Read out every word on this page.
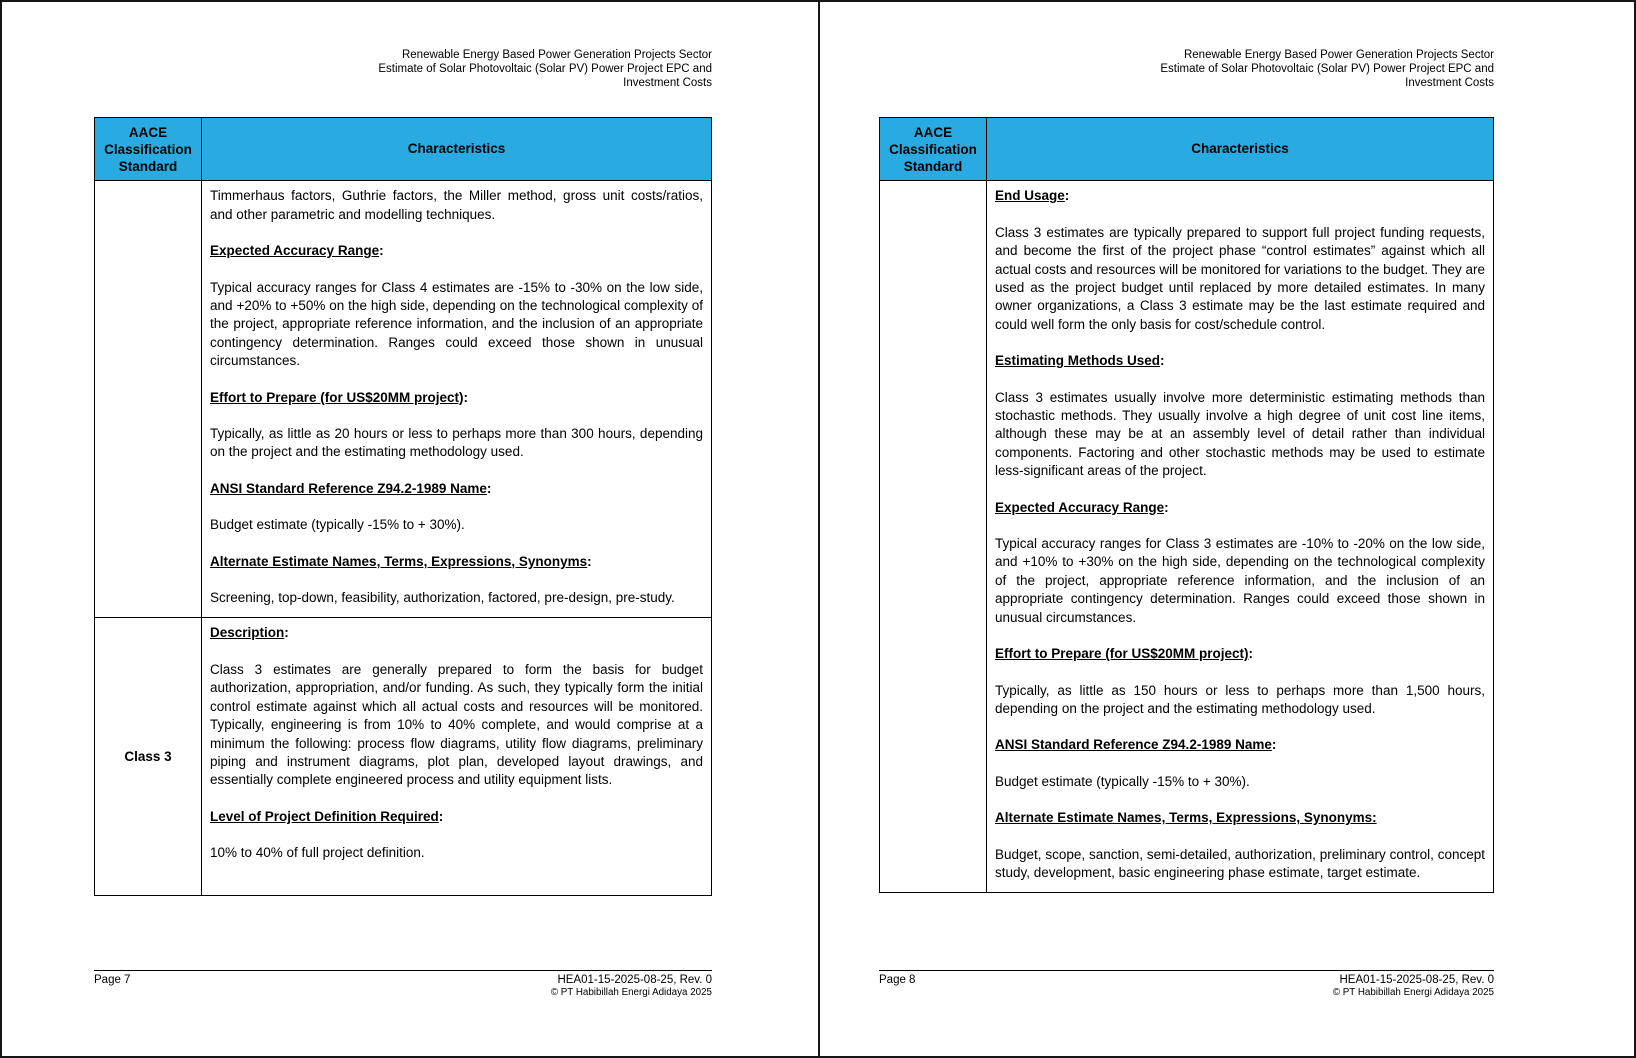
Renewable Energy Based Power Generation Projects Sector
Estimate of Solar Photovoltaic (Solar PV) Power Project EPC and
Investment Costs
AACE Classification Standard
Characteristics

Timmerhaus factors, Guthrie factors, the Miller method, gross unit costs/ratios, and other parametric and modelling techniques.

Expected Accuracy Range:

Typical accuracy ranges for Class 4 estimates are -15% to -30% on the low side, and +20% to +50% on the high side, depending on the technological complexity of the project, appropriate reference information, and the inclusion of an appropriate contingency determination. Ranges could exceed those shown in unusual circumstances.

Effort to Prepare (for US$20MM project):

Typically, as little as 20 hours or less to perhaps more than 300 hours, depending on the project and the estimating methodology used.

ANSI Standard Reference Z94.2-1989 Name:

Budget estimate (typically -15% to + 30%).

Alternate Estimate Names, Terms, Expressions, Synonyms:

Screening, top-down, feasibility, authorization, factored, pre-design, pre-study.

Class 3

Description:

Class 3 estimates are generally prepared to form the basis for budget authorization, appropriation, and/or funding. As such, they typically form the initial control estimate against which all actual costs and resources will be monitored. Typically, engineering is from 10% to 40% complete, and would comprise at a minimum the following: process flow diagrams, utility flow diagrams, preliminary piping and instrument diagrams, plot plan, developed layout drawings, and essentially complete engineered process and utility equipment lists.

Level of Project Definition Required:

10% to 40% of full project definition.

Page 7	HEA01-15-2025-08-25, Rev. 0
© PT Habibillah Energi Adidaya 2025
Renewable Energy Based Power Generation Projects Sector
Estimate of Solar Photovoltaic (Solar PV) Power Project EPC and
Investment Costs
AACE Classification Standard
Characteristics

End Usage:

Class 3 estimates are typically prepared to support full project funding requests, and become the first of the project phase “control estimates” against which all actual costs and resources will be monitored for variations to the budget. They are used as the project budget until replaced by more detailed estimates. In many owner organizations, a Class 3 estimate may be the last estimate required and could well form the only basis for cost/schedule control.

Estimating Methods Used:

Class 3 estimates usually involve more deterministic estimating methods than stochastic methods. They usually involve a high degree of unit cost line items, although these may be at an assembly level of detail rather than individual components. Factoring and other stochastic methods may be used to estimate less-significant areas of the project.

Expected Accuracy Range:

Typical accuracy ranges for Class 3 estimates are -10% to -20% on the low side, and +10% to +30% on the high side, depending on the technological complexity of the project, appropriate reference information, and the inclusion of an appropriate contingency determination. Ranges could exceed those shown in unusual circumstances.

Effort to Prepare (for US$20MM project):

Typically, as little as 150 hours or less to perhaps more than 1,500 hours, depending on the project and the estimating methodology used.

ANSI Standard Reference Z94.2-1989 Name:

Budget estimate (typically -15% to + 30%).

Alternate Estimate Names, Terms, Expressions, Synonyms:

Budget, scope, sanction, semi-detailed, authorization, preliminary control, concept study, development, basic engineering phase estimate, target estimate.

Page 8	HEA01-15-2025-08-25, Rev. 0
© PT Habibillah Energi Adidaya 2025
